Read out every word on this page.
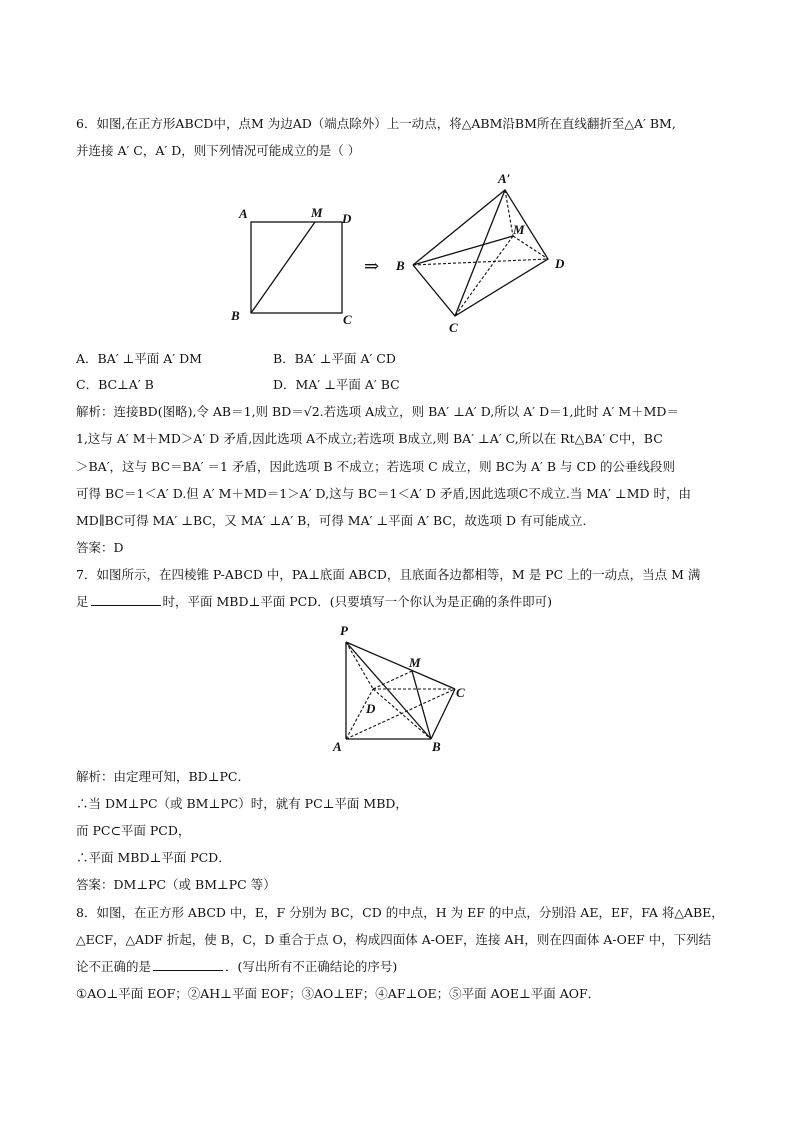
6．如图,在正方形ABCD中，点M 为边AD（端点除外）上一动点，将△ABM沿BM所在直线翻折至△A′ BM,
并连接 A′ C，A′ D，则下列情况可能成立的是（ ）
A	M D
B	C
⇒
A′
M
B	D
C
A．BA′ ⊥平面 A′ DM	B．BA′ ⊥平面 A′ CD
C．BC⊥A′ B	D．MA′ ⊥平面 A′ BC
解析：连接BD(图略),令 AB＝1,则 BD＝√2.若选项 A成立，则 BA′ ⊥A′ D,所以 A′ D＝1,此时 A′ M＋MD＝
1,这与 A′ M＋MD＞A′ D 矛盾,因此选项 A不成立;若选项 B成立,则 BA′ ⊥A′ C,所以在 Rt△BA′ C中，BC
＞BA′，这与 BC＝BA′ ＝1 矛盾，因此选项 B 不成立；若选项 C 成立，则 BC为 A′ B 与 CD 的公垂线段则
可得 BC＝1＜A′ D.但 A′ M＋MD＝1＞A′ D,这与 BC＝1＜A′ D 矛盾,因此选项C不成立.当 MA′ ⊥MD 时，由
MD∥BC可得 MA′ ⊥BC，又 MA′ ⊥A′ B，可得 MA′ ⊥平面 A′ BC，故选项 D 有可能成立.
答案：D
7．如图所示，在四棱锥 P-ABCD 中，PA⊥底面 ABCD，且底面各边都相等，M 是 PC 上的一动点，当点 M 满
足	时，平面 MBD⊥平面 PCD．(只要填写一个你认为是正确的条件即可)
P
M
C
D
A	B
解析：由定理可知，BD⊥PC．
∴当 DM⊥PC（或 BM⊥PC）时，就有 PC⊥平面 MBD，
而 PC⊂平面 PCD，
∴平面 MBD⊥平面 PCD．
答案：DM⊥PC（或 BM⊥PC 等）
8．如图，在正方形 ABCD 中，E，F 分别为 BC，CD 的中点，H 为 EF 的中点，分别沿 AE，EF，FA 将△ABE，
△ECF，△ADF 折起，使 B，C，D 重合于点 O，构成四面体 A-OEF，连接 AH，则在四面体 A-OEF 中，下列结
论不正确的是	．(写出所有不正确结论的序号)
①AO⊥平面 EOF；②AH⊥平面 EOF；③AO⊥EF；④AF⊥OE；⑤平面 AOE⊥平面 AOF．
